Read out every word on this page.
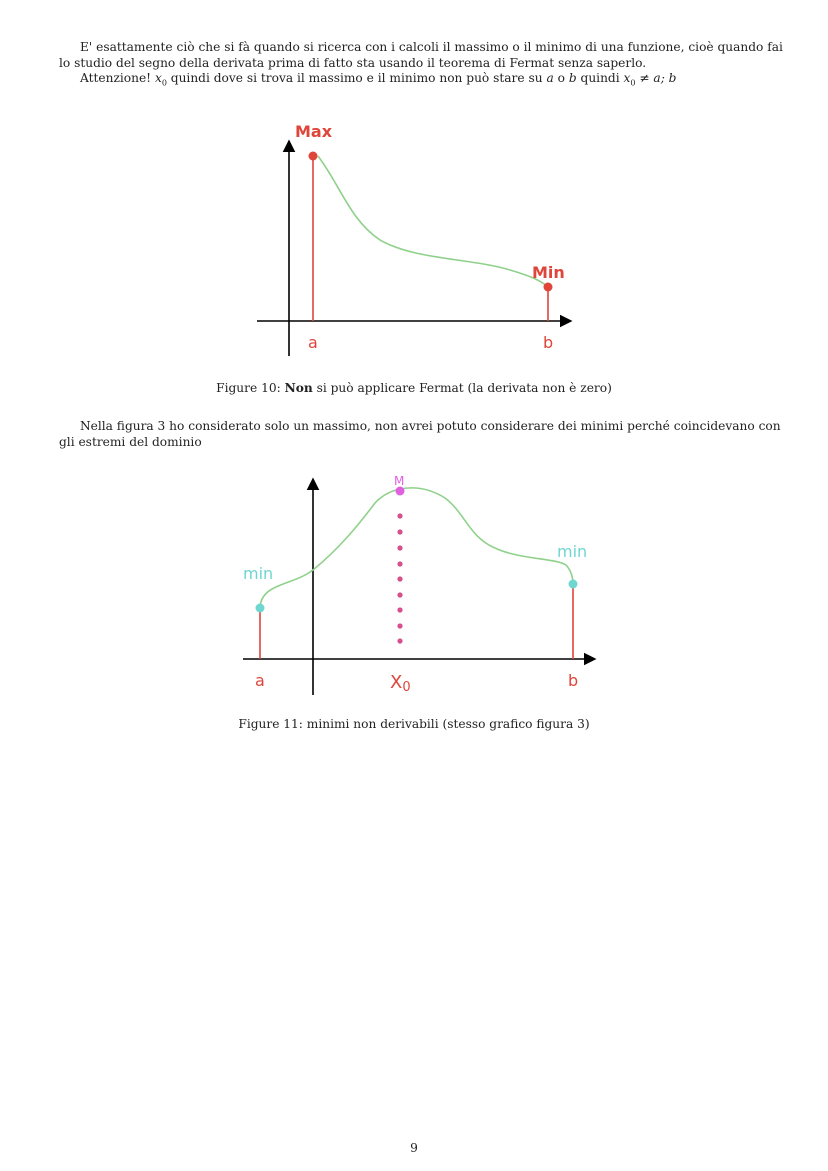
E' esattamente ciò che si fà quando si ricerca con i calcoli il massimo o il minimo di una funzione, cioè quando fai
lo studio del segno della derivata prima di fatto sta usando il teorema di Fermat senza saperlo.
Attenzione! $x_0$ quindi dove si trova il massimo e il minimo non può stare su a o b quindi $x_0 \ne a$; b
Max
Min
a	b
Figure 10: Non si può applicare Fermat (la derivata non è zero)
Nella figura 3 ho considerato solo un massimo, non avrei potuto considerare dei minimi perché coincidevano con
gli estremi del dominio
M
min
min
a	X0	b
Figure 11: minimi non derivabili (stesso grafico figura 3)
9
